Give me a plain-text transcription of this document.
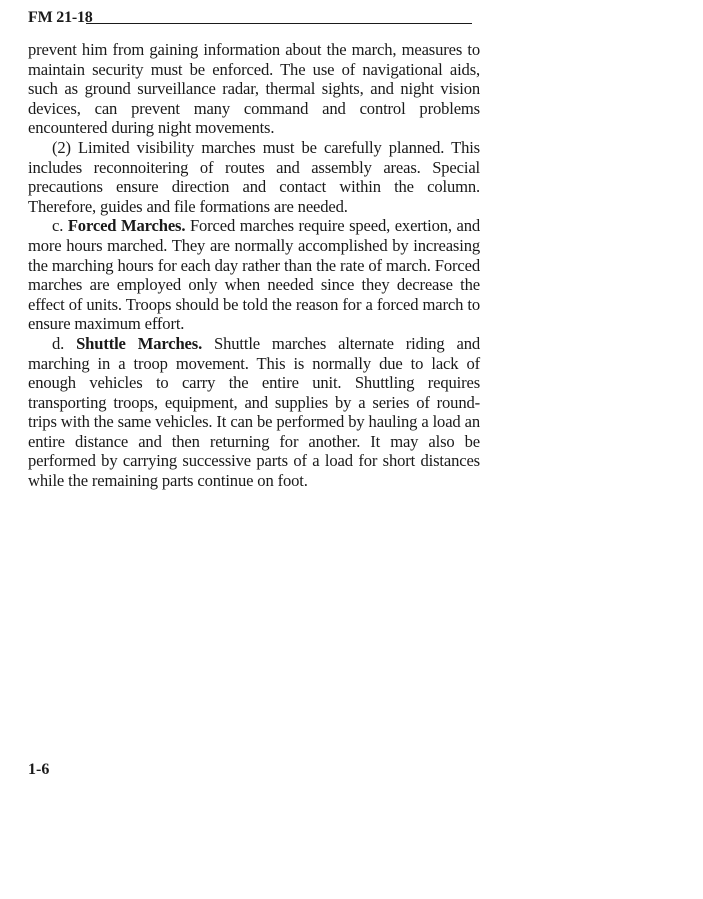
FM 21-18

prevent him from gaining information about the march, measures to maintain security must be enforced. The use of navigational aids, such as ground surveillance radar, thermal sights, and night vision devices, can prevent many command and control problems encountered during night movements.

(2) Limited visibility marches must be carefully planned. This includes reconnoitering of routes and assembly areas. Special precautions ensure direction and contact within the column. Therefore, guides and file formations are needed.

c. Forced Marches. Forced marches require speed, exertion, and more hours marched. They are normally accomplished by increasing the marching hours for each day rather than the rate of march. Forced marches are employed only when needed since they decrease the effect of units. Troops should be told the reason for a forced march to ensure maximum effort.

d. Shuttle Marches. Shuttle marches alternate riding and marching in a troop movement. This is normally due to lack of enough vehicles to carry the entire unit. Shuttling requires transporting troops, equipment, and supplies by a series of round-trips with the same vehicles. It can be performed by hauling a load an entire distance and then returning for another. It may also be performed by carrying successive parts of a load for short distances while the remaining parts continue on foot.

1-6
